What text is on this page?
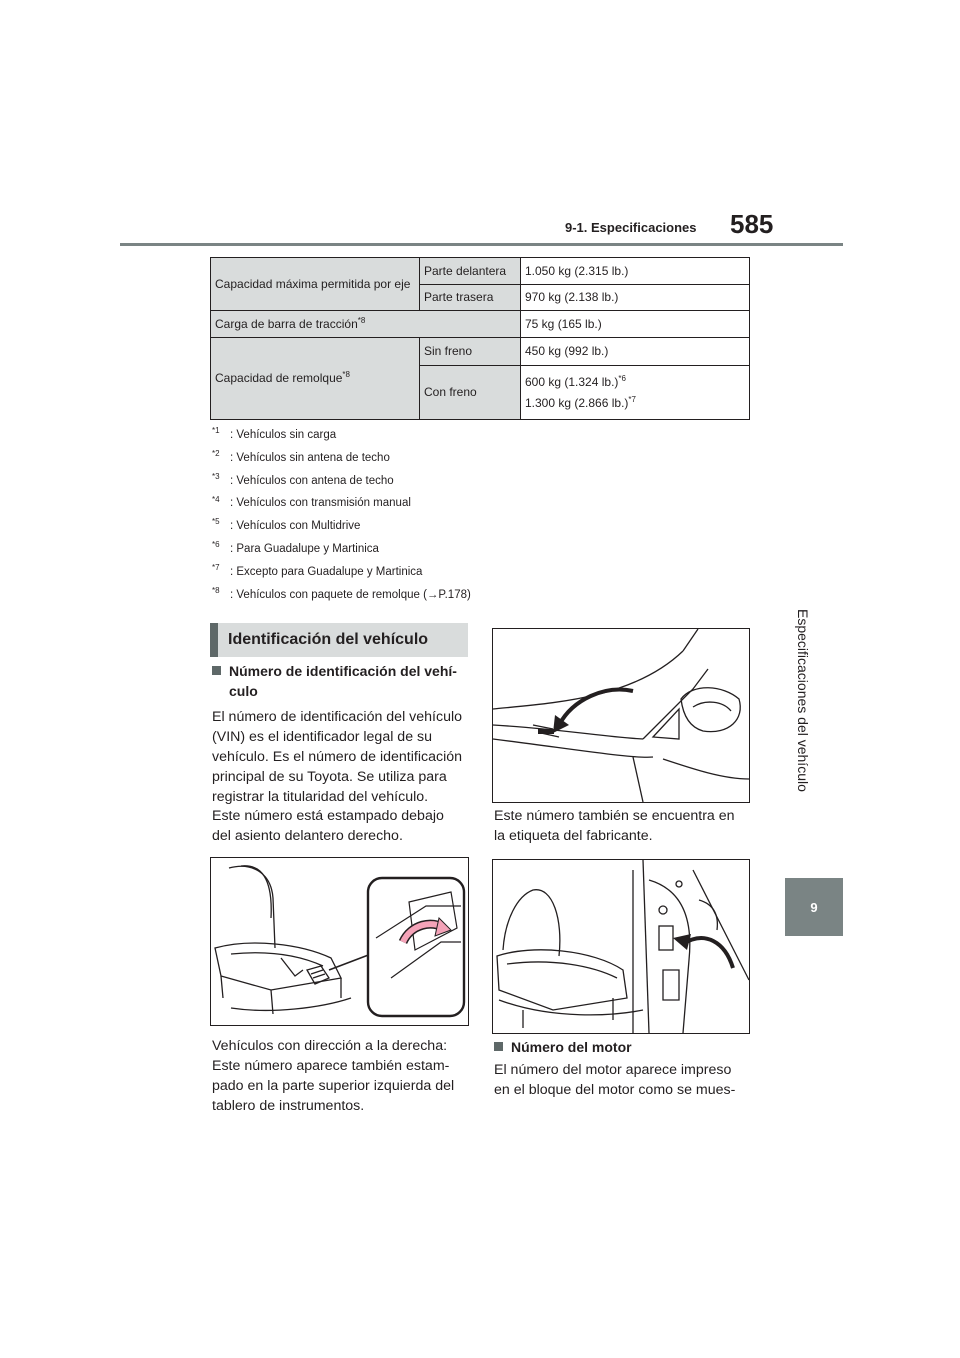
9-1. Especificaciones 585
Especificaciones del vehículo
9
Capacidad máxima permitida por eje	Parte delantera	1.050 kg (2.315 lb.)
	Parte trasera	970 kg (2.138 lb.)
Carga de barra de tracción$^{*8}$		75 kg (165 lb.)
Capacidad de remolque$^{*8}$	Sin freno	450 kg (992 lb.)
	Con freno	600 kg (1.324 lb.)$^{*6}$
1.300 kg (2.866 lb.)$^{*7}$
$^{*1}$ : Vehículos sin carga
$^{*2}$ : Vehículos sin antena de techo
$^{*3}$ : Vehículos con antena de techo
$^{*4}$ : Vehículos con transmisión manual
$^{*5}$ : Vehículos con Multidrive
$^{*6}$ : Para Guadalupe y Martinica
$^{*7}$ : Excepto para Guadalupe y Martinica
$^{*8}$ : Vehículos con paquete de remolque (→P.178)
Identificación del vehículo
Número de identificación del vehí-
culo
El número de identificación del vehículo
(VIN) es el identificador legal de su
vehículo. Es el número de identificación
principal de su Toyota. Se utiliza para
registrar la titularidad del vehículo.
Este número está estampado debajo
del asiento delantero derecho.
Vehículos con dirección a la derecha:
Este número aparece también estam-
pado en la parte superior izquierda del
tablero de instrumentos.
Este número también se encuentra en
la etiqueta del fabricante.
Número del motor
El número del motor aparece impreso
en el bloque del motor como se mues-
